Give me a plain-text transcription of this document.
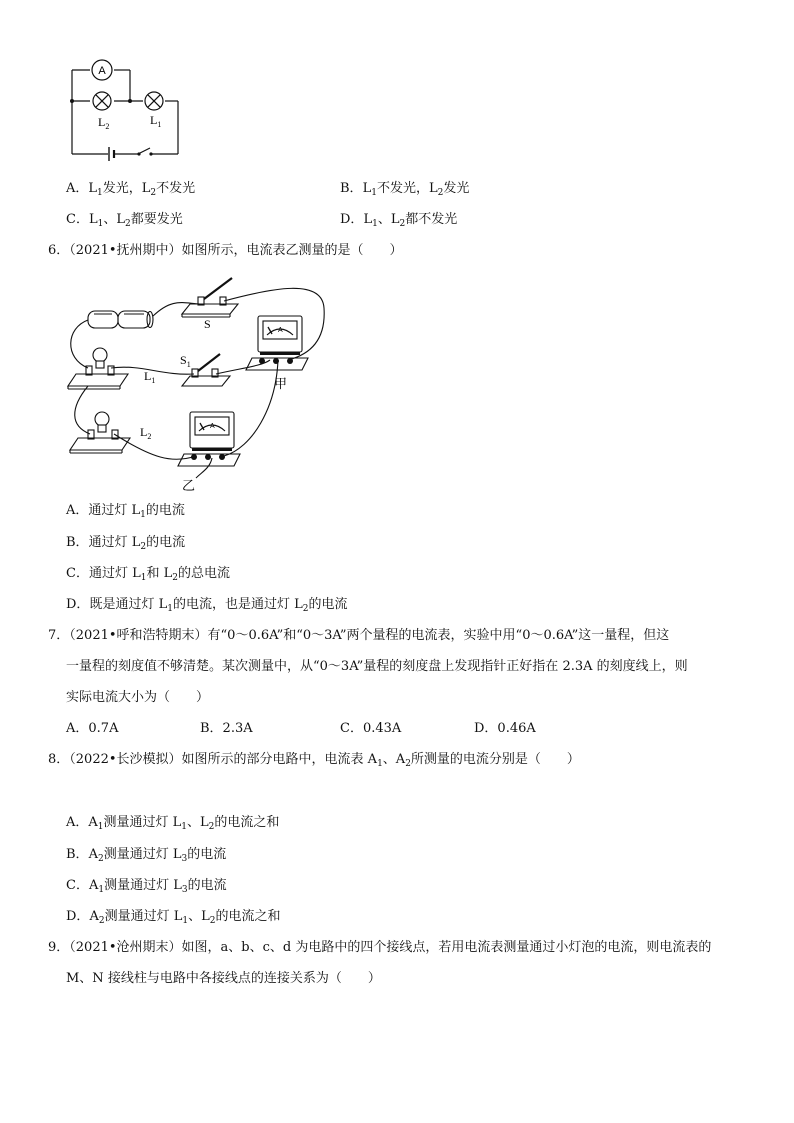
A
$L_2$	$L_1$
A．$L_1$发光，$L_2$不发光	B．$L_1$不发光，$L_2$发光
C．$L_1$、$L_2$都要发光	D．$L_1$、$L_2$都不发光
6．（2021•抚州期中）如图所示，电流表乙测量的是（　　）
A
A
S
$S_1$
$L_1$
$L_2$
甲
乙
A．通过灯 $L_1$的电流
B．通过灯 $L_2$的电流
C．通过灯 $L_1$和 $L_2$的总电流
D．既是通过灯 $L_1$的电流，也是通过灯 $L_2$的电流
7．（2021•呼和浩特期末）有“0～0.6A”和“0～3A”两个量程的电流表，实验中用“0～0.6A”这一量程，但这
一量程的刻度值不够清楚。某次测量中，从“0～3A”量程的刻度盘上发现指针正好指在 2.3A 的刻度线上，则
实际电流大小为（　　）
A．0.7A	B．2.3A	C．0.43A	D．0.46A
8．（2022•长沙模拟）如图所示的部分电路中，电流表 $A_1$、$A_2$所测量的电流分别是（　　）
A．$A_1$测量通过灯 $L_1$、$L_2$的电流之和
B．$A_2$测量通过灯 $L_3$的电流
C．$A_1$测量通过灯 $L_3$的电流
D．$A_2$测量通过灯 $L_1$、$L_2$的电流之和
9．（2021•沧州期末）如图，a、b、c、d 为电路中的四个接线点，若用电流表测量通过小灯泡的电流，则电流表的
M、N 接线柱与电路中各接线点的连接关系为（　　）
